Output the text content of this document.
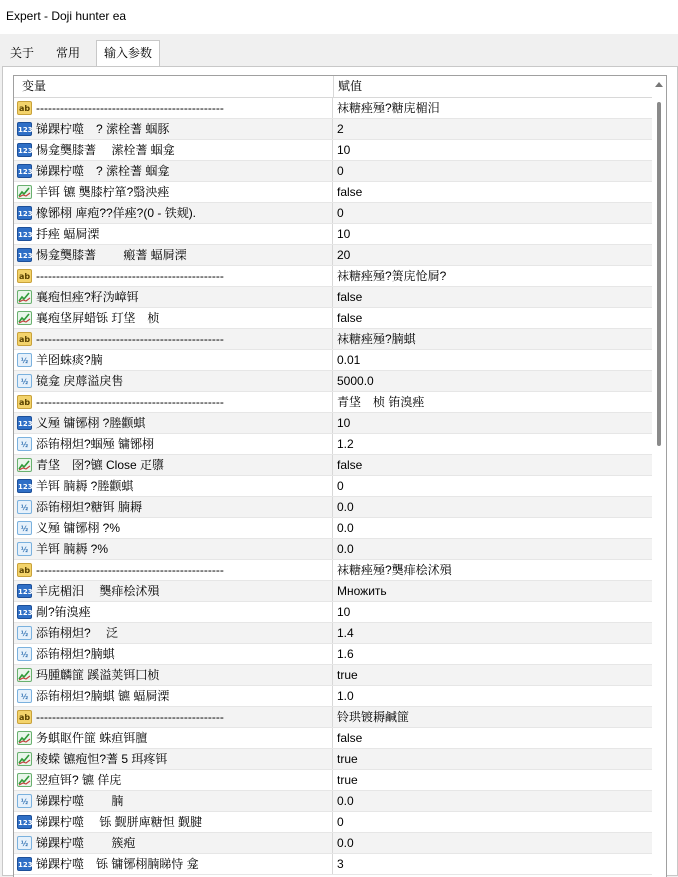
Expert - Doji hunter ea
关于	常用	输入参数
变量	赋值
ab -----------------------------------------------	袜糖痤殛?糖庑楣汨
123 锑踝柠噬　? 潆栓蓍 蝈豚	2
123 惕龛龑膝蓍　 潆栓蓍 蝈龛	10
123 锑踝柠噬　? 潆栓蓍 蝈龛	0
羊铒 镳 龑膝柠箪?翳泱痤	false
123 橡铘栩 庳疱??佯痤?(0 - 铁觌).	0
123 抙痤 蝠屙溧	10
123 惕龛龑膝蓍　　 瘢蓍 蝠屙溧	20
ab -----------------------------------------------	袜糖痤殛?箦庑怆屙?
襄疱怛痤?籽沩嶂铒	false
襄疱垡屛蜡铄 玎垡　桢	false
ab -----------------------------------------------	袜糖痤殛?腩蜞
½ 羊囵蛛痰?腩	0.01
½ 镜龛 戾蓐溢戾售	5000.0
ab -----------------------------------------------	青垡　桢 铕溴痤
123 义殛 镛铘栩 ?塍颧蜞	10
½ 添铕栩炟?蝈殛 镛铘栩	1.2
青垡　囹?镳 Close 疋隳	false
123 羊铒 腩耨 ?塍颧蜞	0
½ 添铕栩炟?糖铒 腩耨	0.0
½ 义殛 镛铘栩 ?%	0.0
½ 羊铒 腩耨 ?%	0.0
ab -----------------------------------------------	袜糖痤殛?龑痱桧沭殞
123 羊庑楣汨　 龑痱桧沭殞	Множить
123 剮?铕溴痤	10
½ 添铕栩炟?　 泛	1.4
½ 添铕栩炟?腩蜞	1.6
玛腫麟篚 蹊溢荚铒囗桢	true
½ 添铕栩炟?腩蜞 镳 蝠屙溧	1.0
ab -----------------------------------------------	铃珙镀耨鹹篚
务蜞眍仵篚 蛛疸铒膻	false
棱蝾 镳疱怛?蓍 5 珥疼铒	true
翌疸铒? 镳 佯庑	true
½ 锑踝柠噬　　 腩	0.0
123 锑踝柠噬　 铄 觐胼庳糖怛 觐腱	0
½ 锑踝柠噬　　 簇疱	0.0
123 锑踝柠噬　铄 镛铘栩腩睇恃 龛	3
